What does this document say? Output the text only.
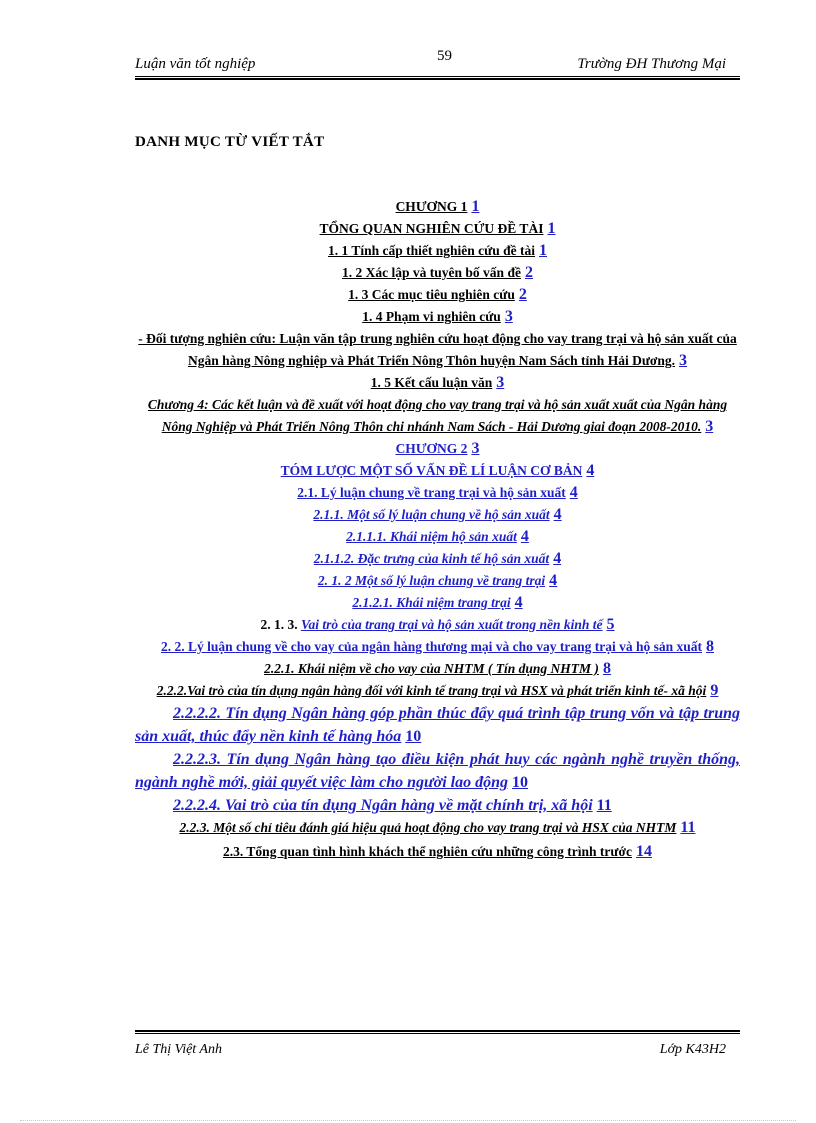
Luận văn tốt nghiệp	59	Trường ĐH Thương Mại
DANH MỤC TỪ VIẾT TẮT
CHƯƠNG 1 1
TỔNG QUAN NGHIÊN CỨU ĐỀ TÀI 1
1. 1 Tính cấp thiết nghiên cứu đề tài 1
1. 2 Xác lập và tuyên bố vấn đề 2
1. 3 Các mục tiêu nghiên cứu 2
1. 4 Phạm vi nghiên cứu 3
- Đối tượng nghiên cứu: Luận văn tập trung nghiên cứu hoạt động cho vay trang trại và hộ sản xuất của Ngân hàng Nông nghiệp và Phát Triển Nông Thôn huyện Nam Sách tỉnh Hải Dương. 3
1. 5 Kết cấu luận văn 3
Chương 4: Các kết luận và đề xuất với hoạt động cho vay trang trại và hộ sản xuất xuất của Ngân hàng Nông Nghiệp và Phát Triển Nông Thôn chi nhánh Nam Sách - Hải Dương giai đoạn 2008-2010. 3
CHƯƠNG 2 3
TÓM LƯỢC MỘT SỐ VẤN ĐỀ LÍ LUẬN CƠ BẢN 4
2.1. Lý luận chung về trang trại và hộ sản xuất 4
2.1.1. Một số lý luận chung về hộ sản xuất 4
2.1.1.1. Khái niệm hộ sản xuất 4
2.1.1.2. Đặc trưng của kinh tế hộ sản xuất 4
2. 1. 2 Một số lý luận chung về trang trại 4
2.1.2.1. Khái niệm trang trại 4
2. 1. 3. Vai trò của trang trại và hộ sản xuất trong nền kinh tế 5
2. 2. Lý luận chung về cho vay của ngân hàng thương mại và cho vay trang trại và hộ sản xuất 8
2.2.1. Khái niệm về cho vay của NHTM ( Tín dụng NHTM ) 8
2.2.2.Vai trò của tín dụng ngân hàng đối với kinh tế trang trại và HSX và phát triển kinh tế- xã hội 9
2.2.2.2. Tín dụng Ngân hàng góp phần thúc đẩy quá trình tập trung vốn và tập trung sản xuất, thúc đẩy nền kinh tế hàng hóa 10
2.2.2.3. Tín dụng Ngân hàng tạo điều kiện phát huy các ngành nghề truyền thống, ngành nghề mới, giải quyết việc làm cho người lao động 10
2.2.2.4. Vai trò của tín dụng Ngân hàng về mặt chính trị, xã hội 11
2.2.3. Một số chỉ tiêu đánh giá hiệu quả hoạt động cho vay trang trại và HSX của NHTM 11
2.3. Tổng quan tình hình khách thể nghiên cứu những công trình trước 14
Lê Thị Việt Anh	Lớp K43H2
